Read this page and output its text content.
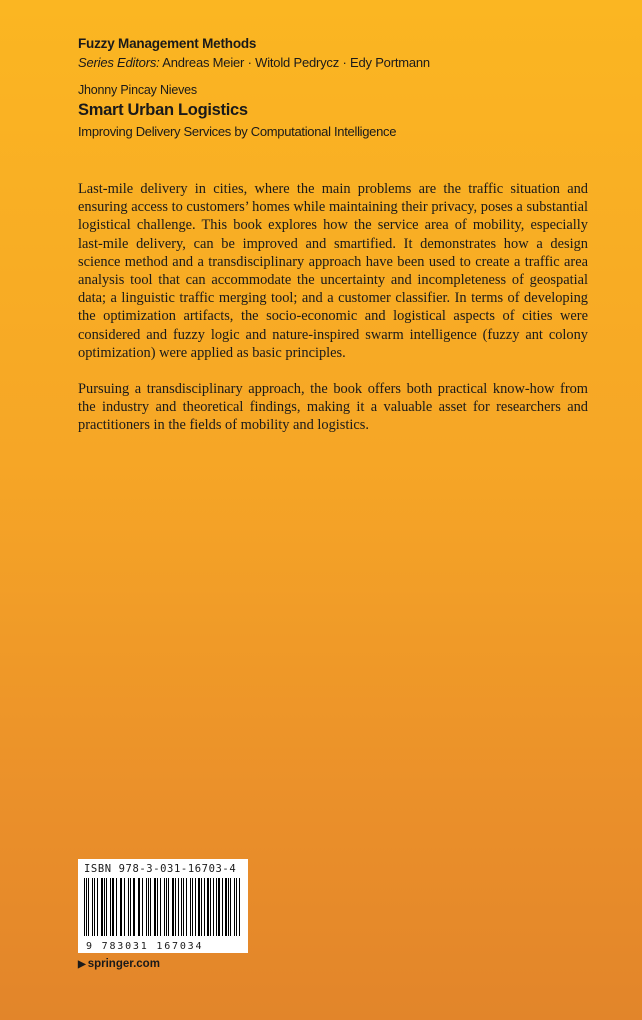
Fuzzy Management Methods
Series Editors: Andreas Meier · Witold Pedrycz · Edy Portmann
Jhonny Pincay Nieves
Smart Urban Logistics
Improving Delivery Services by Computational Intelligence

Last-mile delivery in cities, where the main problems are the traffic situation and ensuring access to customers’ homes while maintaining their privacy, poses a substantial logistical challenge. This book explores how the service area of mobility, especially last-mile delivery, can be improved and smartified. It demonstrates how a design science method and a transdisciplinary approach have been used to create a traffic area analysis tool that can accommodate the uncertainty and incompleteness of geospatial data; a linguistic traffic merging tool; and a customer classifier. In terms of developing the optimization artifacts, the socio-economic and logistical aspects of cities were considered and fuzzy logic and nature-inspired swarm intelligence (fuzzy ant colony optimization) were applied as basic principles.

Pursuing a transdisciplinary approach, the book offers both practical know-how from the industry and theoretical findings, making it a valuable asset for researchers and practitioners in the fields of mobility and logistics.

ISBN 978-3-031-16703-4
9 783031 167034
▶ springer.com
